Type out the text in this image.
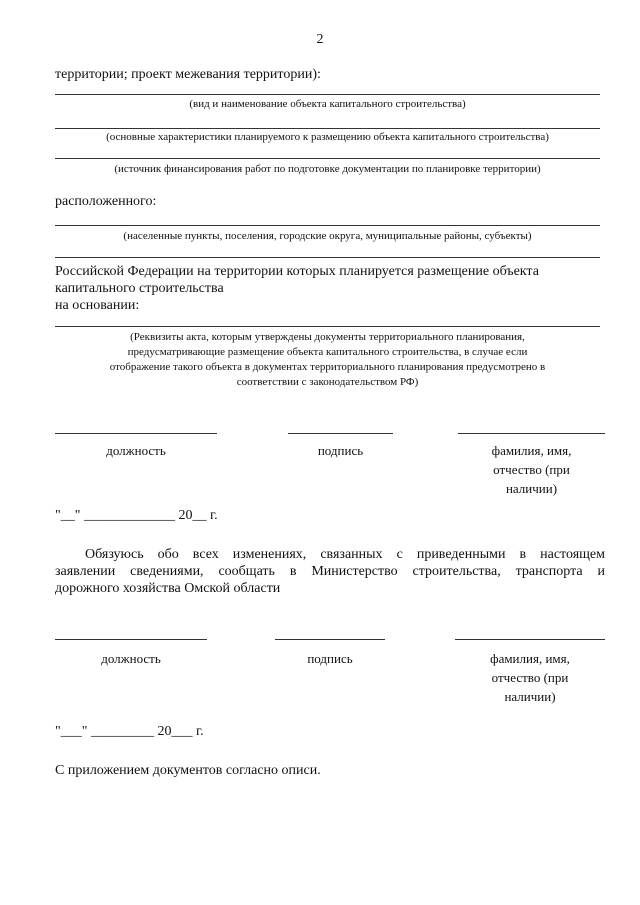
2
территории; проект межевания территории):
(вид и наименование объекта капитального строительства)
(основные характеристики планируемого к размещению объекта капитального строительства)
(источник финансирования работ по подготовке документации по планировке территории)
расположенного:
(населенные пункты, поселения, городские округа, муниципальные районы, субъекты)
Российской Федерации на территории которых планируется размещение объекта
капитального строительства
на основании:
(Реквизиты акта, которым утверждены документы территориального планирования,
предусматривающие размещение объекта капитального строительства, в случае если
отображение такого объекта в документах территориального планирования предусмотрено в
соответствии с законодательством РФ)
должность	подпись	фамилия, имя,
отчество (при
наличии)
"__" _____________ 20__ г.
Обязуюсь обо всех изменениях, связанных с приведенными в настоящем
заявлении сведениями, сообщать в Министерство строительства, транспорта и
дорожного хозяйства Омской области
должность	подпись	фамилия, имя,
отчество (при
наличии)
"___" _________ 20___ г.
С приложением документов согласно описи.
